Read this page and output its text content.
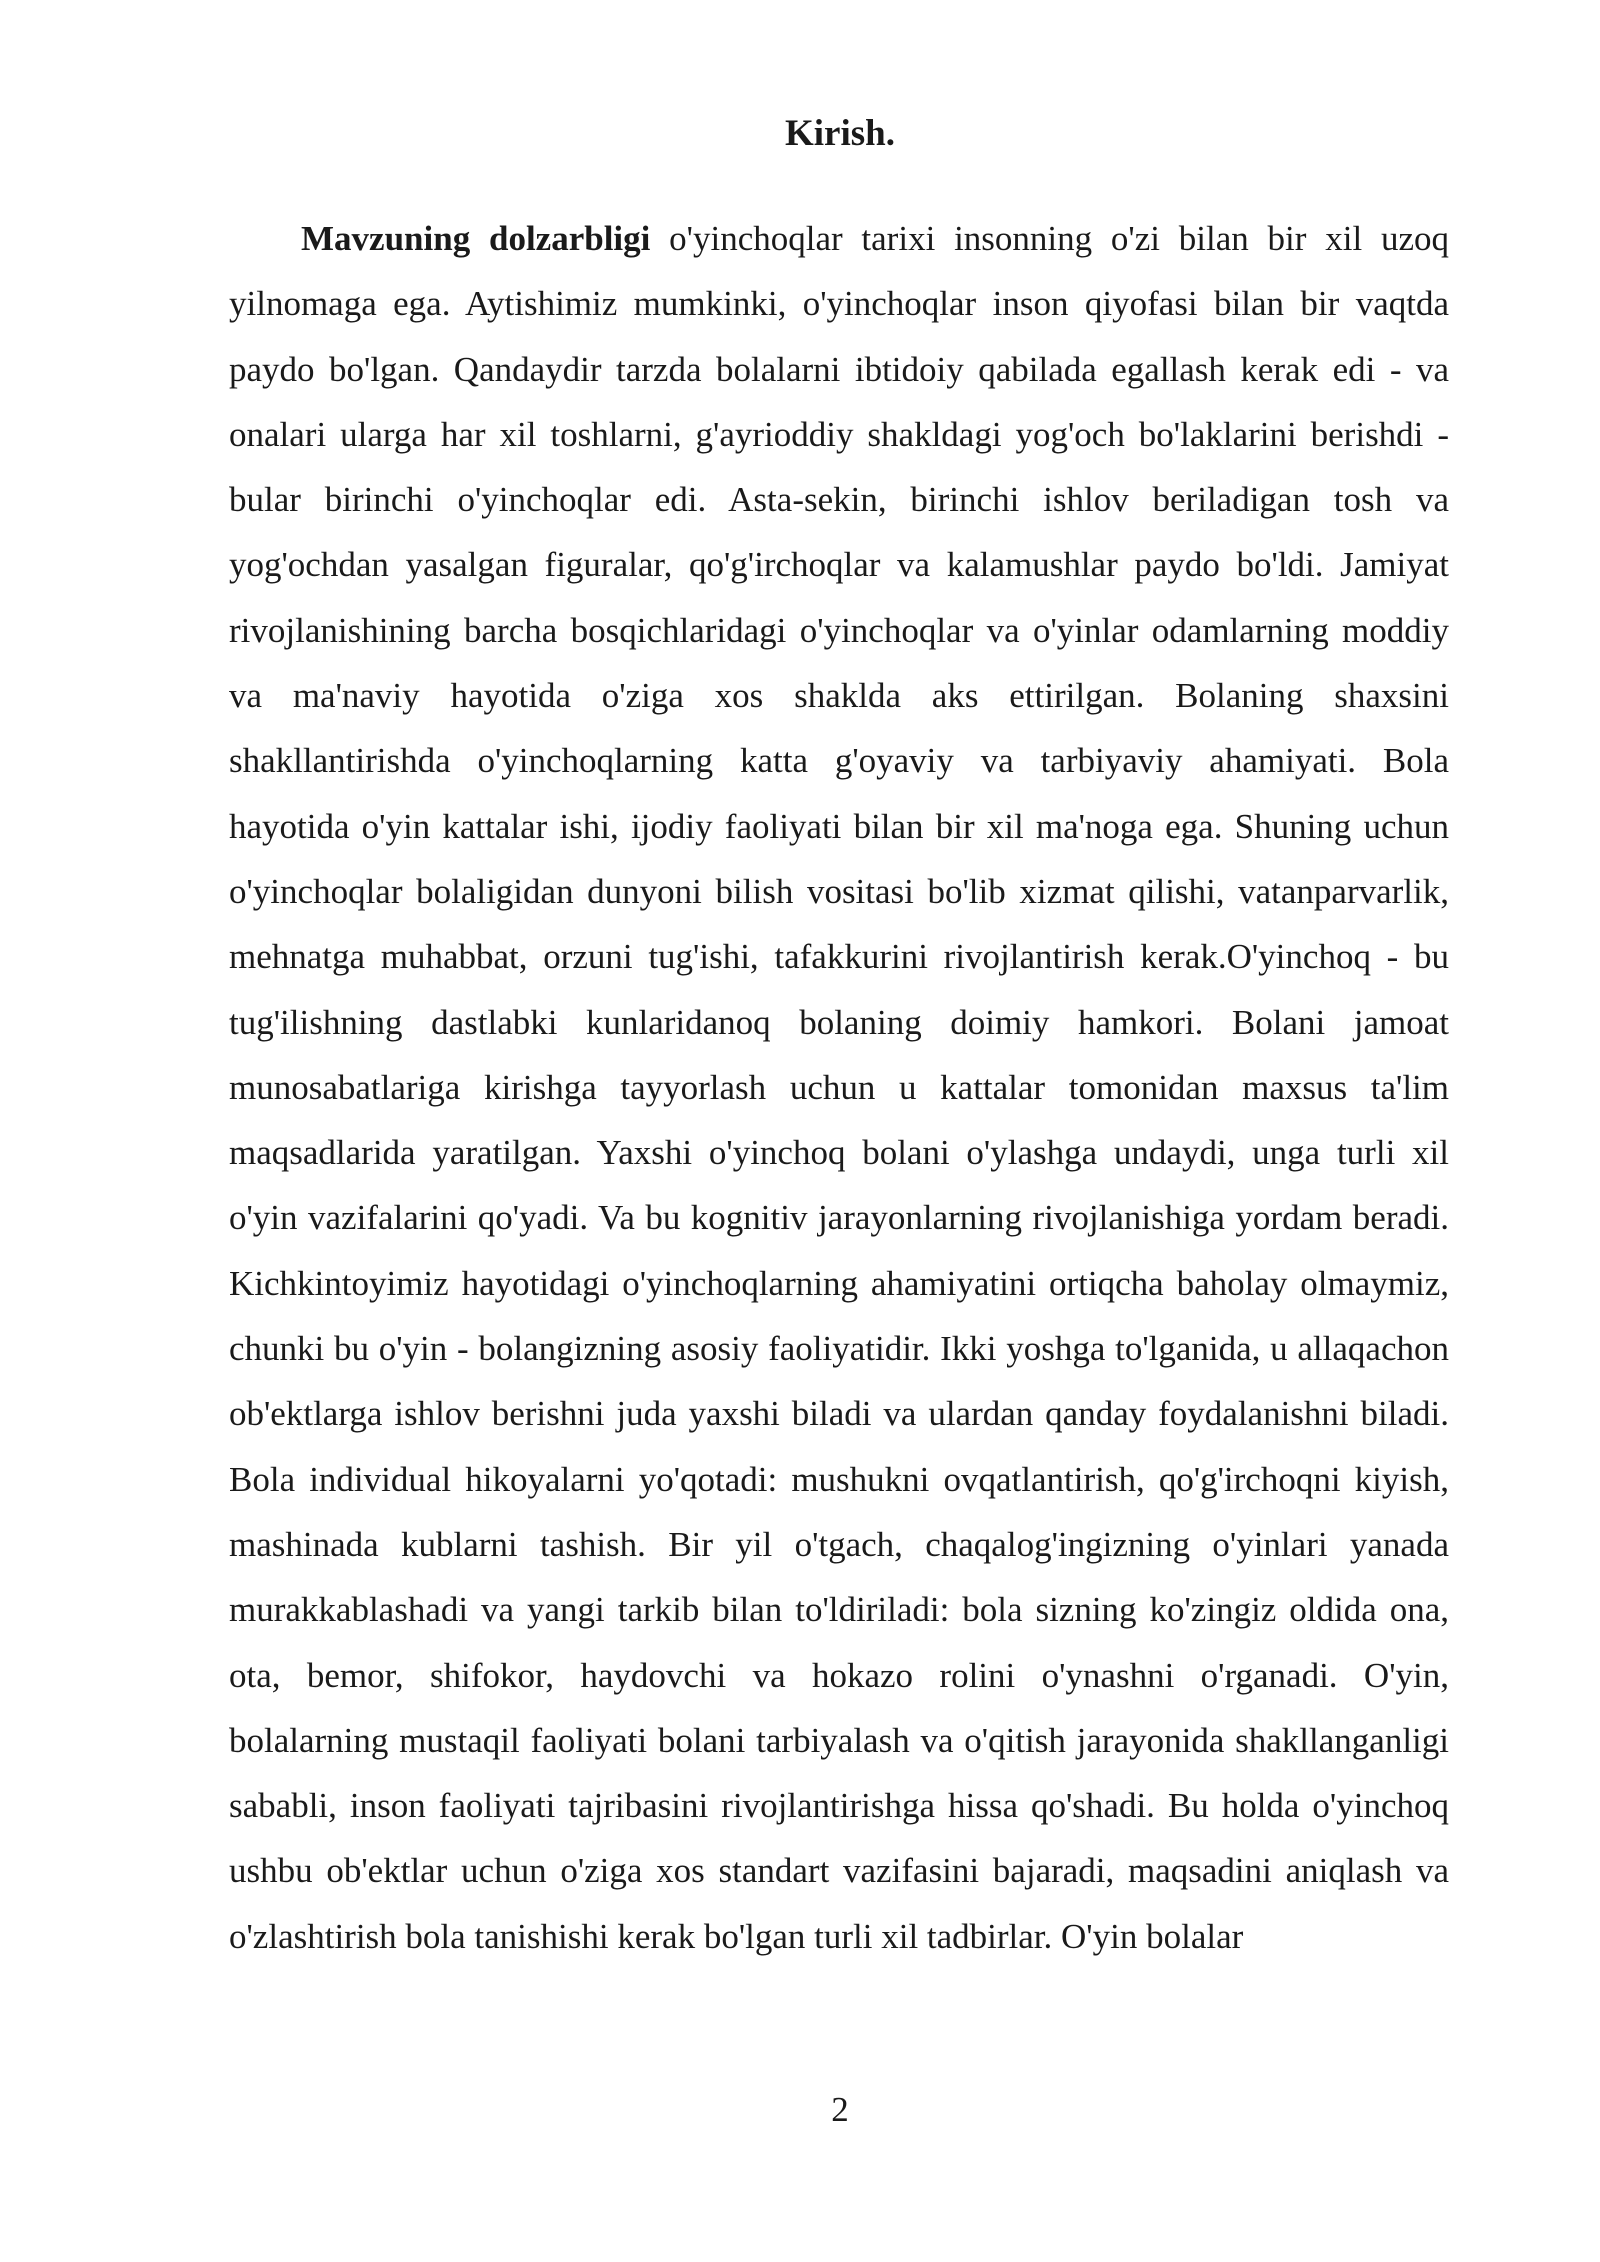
Kirish.

Mavzuning dolzarbligi o'yinchoqlar tarixi insonning o'zi bilan bir xil uzoq yilnomaga ega. Aytishimiz mumkinki, o'yinchoqlar inson qiyofasi bilan bir vaqtda paydo bo'lgan. Qandaydir tarzda bolalarni ibtidoiy qabilada egallash kerak edi - va onalari ularga har xil toshlarni, g'ayrioddiy shakldagi yog'och bo'laklarini berishdi - bular birinchi o'yinchoqlar edi. Asta-sekin, birinchi ishlov beriladigan tosh va yog'ochdan yasalgan figuralar, qo'g'irchoqlar va kalamushlar paydo bo'ldi. Jamiyat rivojlanishining barcha bosqichlaridagi o'yinchoqlar va o'yinlar odamlarning moddiy va ma'naviy hayotida o'ziga xos shaklda aks ettirilgan. Bolaning shaxsini shakllantirishda o'yinchoqlarning katta g'oyaviy va tarbiyaviy ahamiyati. Bola hayotida o'yin kattalar ishi, ijodiy faoliyati bilan bir xil ma'noga ega. Shuning uchun o'yinchoqlar bolaligidan dunyoni bilish vositasi bo'lib xizmat qilishi, vatanparvarlik, mehnatga muhabbat, orzuni tug'ishi, tafakkurini rivojlantirish kerak.O'yinchoq - bu tug'ilishning dastlabki kunlaridanoq bolaning doimiy hamkori. Bolani jamoat munosabatlariga kirishga tayyorlash uchun u kattalar tomonidan maxsus ta'lim maqsadlarida yaratilgan. Yaxshi o'yinchoq bolani o'ylashga undaydi, unga turli xil o'yin vazifalarini qo'yadi. Va bu kognitiv jarayonlarning rivojlanishiga yordam beradi. Kichkintoyimiz hayotidagi o'yinchoqlarning ahamiyatini ortiqcha baholay olmaymiz, chunki bu o'yin - bolangizning asosiy faoliyatidir. Ikki yoshga to'lganida, u allaqachon ob'ektlarga ishlov berishni juda yaxshi biladi va ulardan qanday foydalanishni biladi. Bola individual hikoyalarni yo'qotadi: mushukni ovqatlantirish, qo'g'irchoqni kiyish, mashinada kublarni tashish. Bir yil o'tgach, chaqalog'ingizning o'yinlari yanada murakkablashadi va yangi tarkib bilan to'ldiriladi: bola sizning ko'zingiz oldida ona, ota, bemor, shifokor, haydovchi va hokazo rolini o'ynashni o'rganadi. O'yin, bolalarning mustaqil faoliyati bolani tarbiyalash va o'qitish jarayonida shakllanganligi sababli, inson faoliyati tajribasini rivojlantirishga hissa qo'shadi. Bu holda o'yinchoq ushbu ob'ektlar uchun o'ziga xos standart vazifasini bajaradi, maqsadini aniqlash va o'zlashtirish bola tanishishi kerak bo'lgan turli xil tadbirlar. O'yin bolalar

2
